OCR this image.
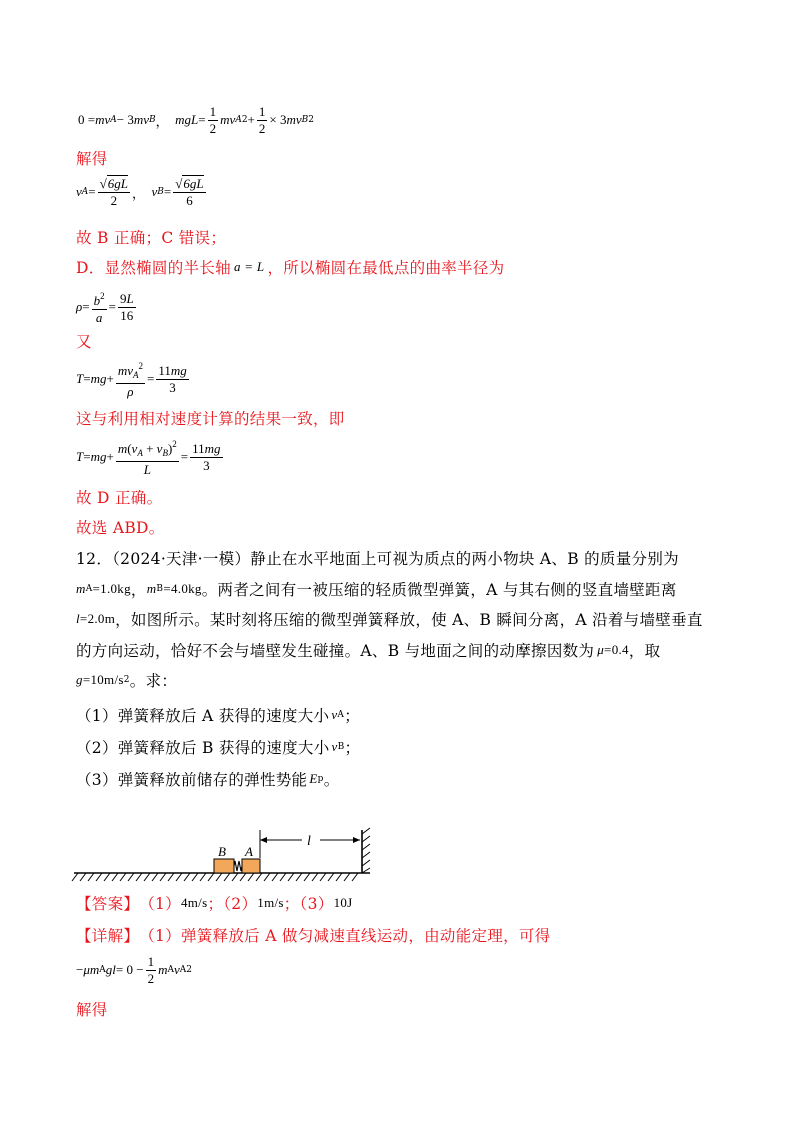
0 = mv A − 3 mv B ， mgL = $\frac{1}{2}$ mv A $2 + \frac{1}{2} \times 3$ mv B 2
解得
v $A = \frac{√6gL}{2}$ ， v $B = \frac{√6gL}{6}$
故 B 正确；C 错误；
D．显然椭圆的半长轴 a = L ，所以椭圆在最低点的曲率半径为
$\rho = \frac{b^2}{a} = \frac{9L}{16}$
又
T = mg + $\frac{mv_A^2}{\rho} = \frac{11mg}{3}$
这与利用相对速度计算的结果一致，即
T = mg + $\frac{m(v_A + v_B)^2}{L} = \frac{11mg}{3}$
故 D 正确。
故选 ABD。
12．（2024·天津·一模）静止在水平地面上可视为质点的两小物块 A、B 的质量分别为
m A = 1.0kg ， m B = 4.0kg 。两者之间有一被压缩的轻质微型弹簧，A 与其右侧的竖直墙壁距离
l = 2.0m ，如图所示。某时刻将压缩的微型弹簧释放，使 A、B 瞬间分离，A 沿着与墙壁垂直
的方向运动，恰好不会与墙壁发生碰撞。A、B 与地面之间的动摩擦因数为 μ = 0.4 ，取
g = 10m/s 2 。求：
（1）弹簧释放后 A 获得的速度大小 v A ；
（2）弹簧释放后 B 获得的速度大小 v B ；
（3）弹簧释放前储存的弹性势能 E p 。
B A
l
【答案】 （1） 4m/s ；（2） 1m/s ；（3） 10J
【详解】 （1）弹簧释放后 A 做匀减速直线运动，由动能定理，可得
− μm A gl = $0 - \frac{1}{2}$ m A v A 2
解得
